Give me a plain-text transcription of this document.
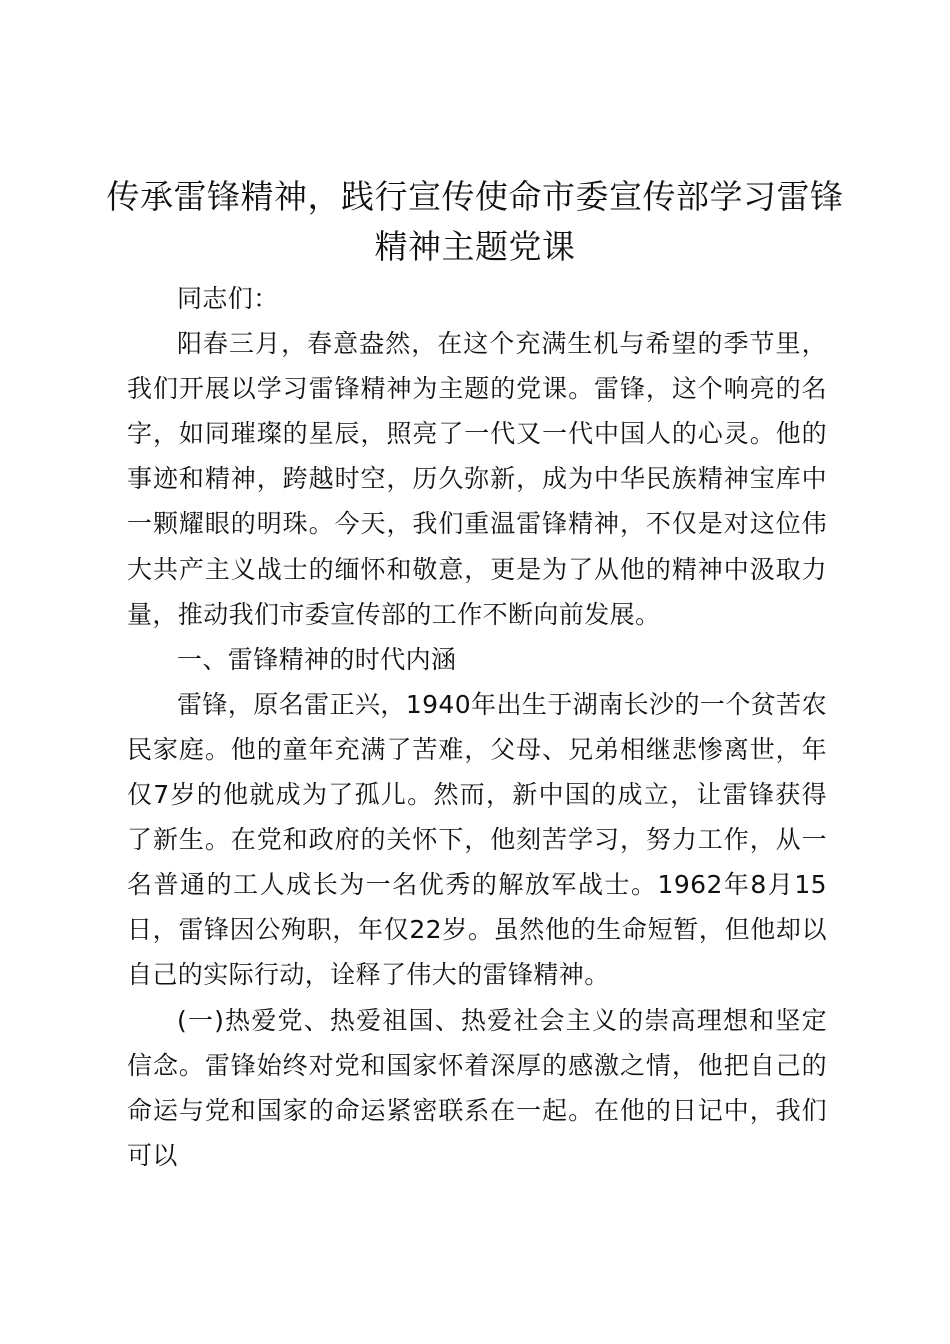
传承雷锋精神，践行宣传使命市委宣传部学习雷锋精神主题党课

同志们：

阳春三月，春意盎然，在这个充满生机与希望的季节里，我们开展以学习雷锋精神为主题的党课。雷锋，这个响亮的名字，如同璀璨的星辰，照亮了一代又一代中国人的心灵。他的事迹和精神，跨越时空，历久弥新，成为中华民族精神宝库中一颗耀眼的明珠。今天，我们重温雷锋精神，不仅是对这位伟大共产主义战士的缅怀和敬意，更是为了从他的精神中汲取力量，推动我们市委宣传部的工作不断向前发展。

一、雷锋精神的时代内涵

雷锋，原名雷正兴，1940年出生于湖南长沙的一个贫苦农民家庭。他的童年充满了苦难，父母、兄弟相继悲惨离世，年仅7岁的他就成为了孤儿。然而，新中国的成立，让雷锋获得了新生。在党和政府的关怀下，他刻苦学习，努力工作，从一名普通的工人成长为一名优秀的解放军战士。1962年8月15日，雷锋因公殉职，年仅22岁。虽然他的生命短暂，但他却以自己的实际行动，诠释了伟大的雷锋精神。

(一)热爱党、热爱祖国、热爱社会主义的崇高理想和坚定信念。雷锋始终对党和国家怀着深厚的感激之情，他把自己的命运与党和国家的命运紧密联系在一起。在他的日记中，我们可以
